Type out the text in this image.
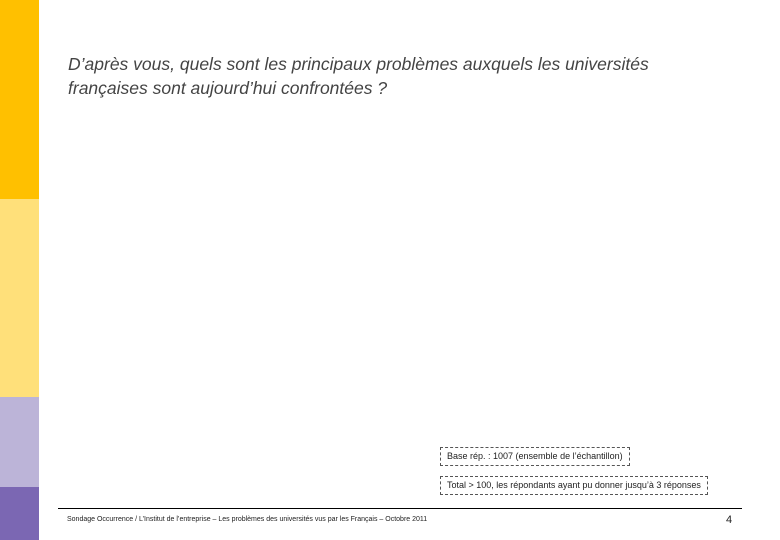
D’après vous, quels sont les principaux problèmes auxquels les universités françaises sont aujourd’hui confrontées ?

Base rép. : 1007 (ensemble de l’échantillon)
Total > 100, les répondants ayant pu donner jusqu’à 3 réponses
Sondage Occurrence / L’Institut de l’entreprise – Les problèmes des universités vus par les Français – Octobre 2011	4
